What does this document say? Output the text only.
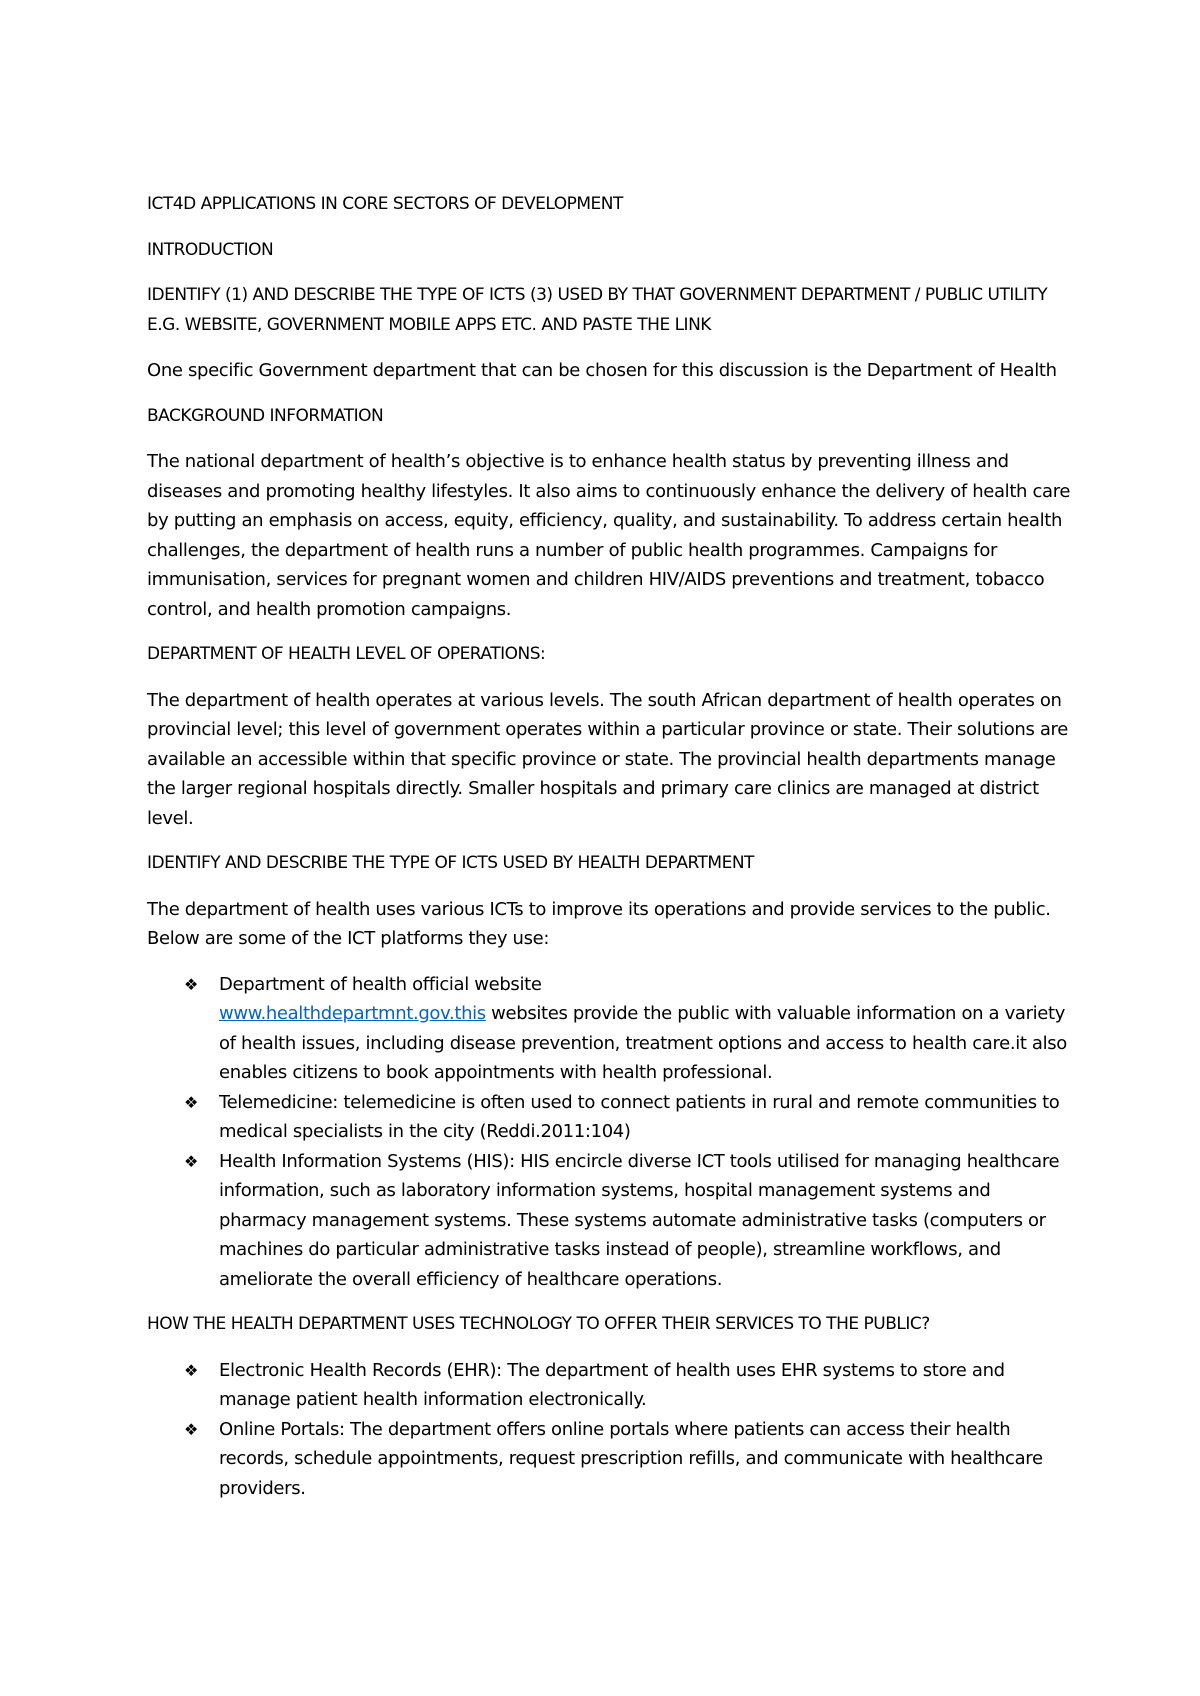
ICT4D APPLICATIONS IN CORE SECTORS OF DEVELOPMENT

INTRODUCTION

IDENTIFY (1) AND DESCRIBE THE TYPE OF ICTS (3) USED BY THAT GOVERNMENT DEPARTMENT / PUBLIC UTILITY E.G. WEBSITE, GOVERNMENT MOBILE APPS ETC. AND PASTE THE LINK

One specific Government department that can be chosen for this discussion is the Department of Health

BACKGROUND INFORMATION

The national department of health’s objective is to enhance health status by preventing illness and diseases and promoting healthy lifestyles. It also aims to continuously enhance the delivery of health care by putting an emphasis on access, equity, efficiency, quality, and sustainability. To address certain health challenges, the department of health runs a number of public health programmes. Campaigns for immunisation, services for pregnant women and children HIV/AIDS preventions and treatment, tobacco control, and health promotion campaigns.

DEPARTMENT OF HEALTH LEVEL OF OPERATIONS:

The department of health operates at various levels. The south African department of health operates on provincial level; this level of government operates within a particular province or state. Their solutions are available an accessible within that specific province or state. The provincial health departments manage the larger regional hospitals directly. Smaller hospitals and primary care clinics are managed at district level.

IDENTIFY AND DESCRIBE THE TYPE OF ICTS USED BY HEALTH DEPARTMENT

The department of health uses various ICTs to improve its operations and provide services to the public. Below are some of the ICT platforms they use:

❖ Department of health official website
www.healthdepartmnt.gov.this websites provide the public with valuable information on a variety of health issues, including disease prevention, treatment options and access to health care.it also enables citizens to book appointments with health professional.
❖ Telemedicine: telemedicine is often used to connect patients in rural and remote communities to medical specialists in the city (Reddi.2011:104)
❖ Health Information Systems (HIS): HIS encircle diverse ICT tools utilised for managing healthcare information, such as laboratory information systems, hospital management systems and pharmacy management systems. These systems automate administrative tasks (computers or machines do particular administrative tasks instead of people), streamline workflows, and ameliorate the overall efficiency of healthcare operations.

HOW THE HEALTH DEPARTMENT USES TECHNOLOGY TO OFFER THEIR SERVICES TO THE PUBLIC?

❖ Electronic Health Records (EHR): The department of health uses EHR systems to store and manage patient health information electronically.
❖ Online Portals: The department offers online portals where patients can access their health records, schedule appointments, request prescription refills, and communicate with healthcare providers.
